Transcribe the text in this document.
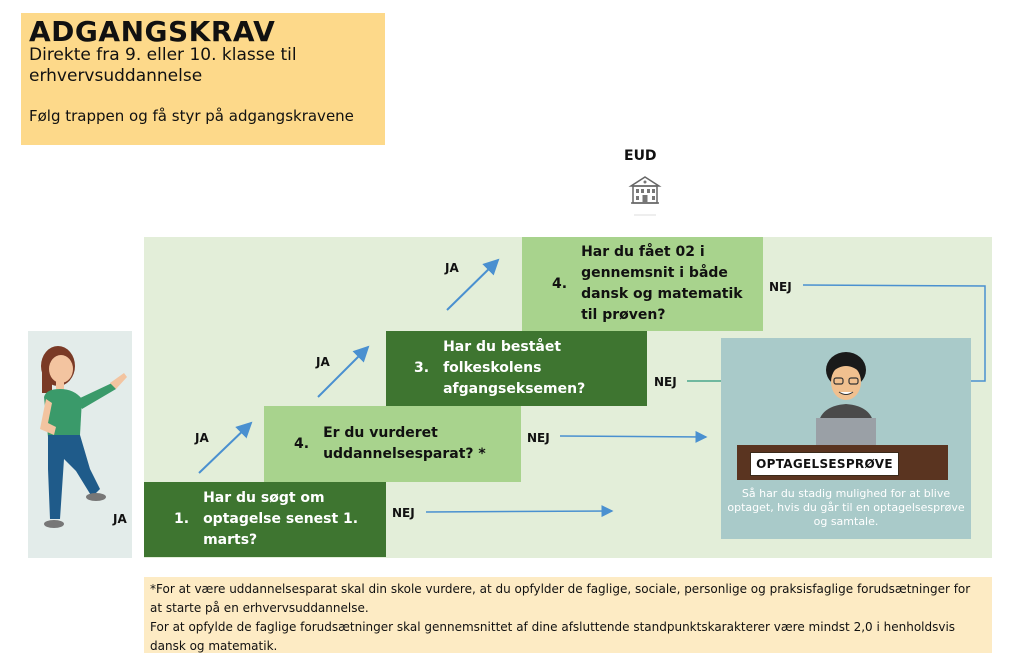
ADGANGSKRAV
Direkte fra 9. eller 10. klasse til erhvervsuddannelse
Følg trappen og få styr på adgangskravene
EUD
JA	1.
Har du søgt om optagelse senest 1. marts?
4.
Er du vurderet uddannelsesparat? *
3.
Har du bestået folkeskolens afgangseksemen?
4.
Har du fået 02 i gennemsnit i både dansk og matematik til prøven?
JA
JA
JA
NEJ
NEJ
NEJ
NEJ
OPTAGELSESPRØVE
Så har du stadig mulighed for at blive optaget, hvis du går til en optagelsesprøve og samtale.
*For at være uddannelsesparat skal din skole vurdere, at du opfylder de faglige, sociale, personlige og praksisfaglige forudsætninger for at starte på en erhvervsuddannelse.
For at opfylde de faglige forudsætninger skal gennemsnittet af dine afsluttende standpunktskarakterer være mindst 2,0 i henholdsvis dansk og matematik.
